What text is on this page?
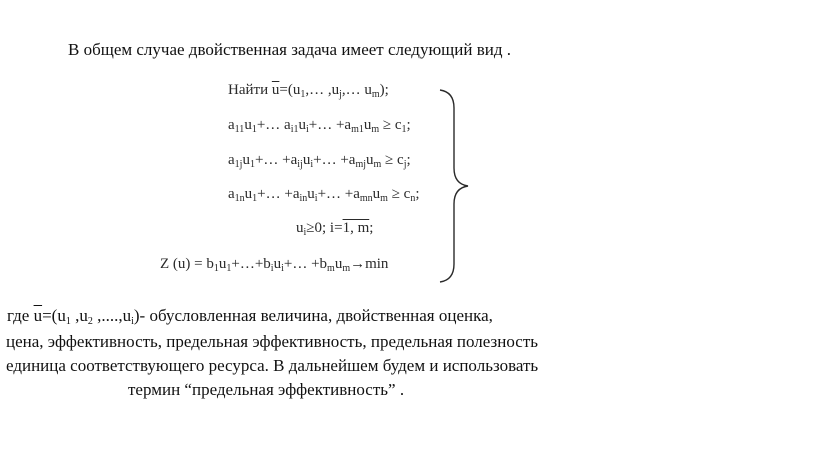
В общем случае двойственная задача имеет следующий вид .
Найти $\overline{u}=(u_1,\dots$ $,u_j,\dots$ $u_m$);
$a_{11}u_1+\dots$ $a_{i1}u_i+\dots +a_{m1}u_m \ge c_1$;
$a_{1j}u_1+\dots$ $+a_{ij}u_i+\dots +a_{mj}u_m \ge c_j$;
$a_{1n}u_1+\dots$ $+a_{in}u_i+\dots +a_{mn}u_m \ge c_n$;
$u_i\ge 0$; i=1, m;
Z $(u) = b_1u_1+\dots+b_iu_i+\dots +b_mu_m\to\min$
где $\overline{u}=(u_1$ $,u_2$ $,....,u_i)-$ обусловленная величина, двойственная оценка,
цена, эффективность, предельная эффективность, предельная полезность
единица соответствующего ресурса. В дальнейшем будем и использовать
термин “предельная эффективность” .
